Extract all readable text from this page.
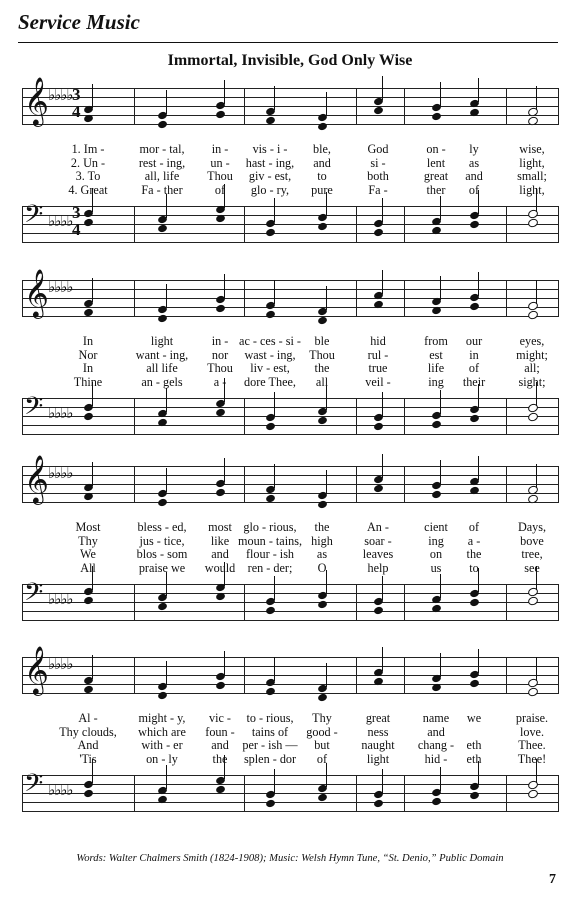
Service Music
Immortal, Invisible, God Only Wise
𝄞 ♭♭♭♭ 3
4
𝄢 ♭♭♭♭ 3
4
1. Im -	mor - tal, in - vis - i - ble,	God	on - ly	wise,
2. Un -	rest - ing, un - hast - ing, and	si -	lent as	light,
3. To	all, life Thou giv - est, to	both	great and	small;
4. Great	Fa - ther	of glo - ry, pure	Fa -	ther of	light,
𝄞 ♭♭♭♭
𝄢 ♭♭♭♭
In	light	in - ac - ces - si - ble	hid	from our	eyes,
Nor	want - ing, nor wast - ing, Thou	rul -	est in	might;
In	all life Thou liv - est, the	true	life of	all;
Thine	an - gels	a - dore Thee, all	veil -	ing their	sight;
𝄞 ♭♭♭♭
𝄢 ♭♭♭♭
Most	bless - ed, most glo - rious, the	An -	cient of	Days,
Thy	jus - tice, like moun - tains, high	soar -	ing a -	bove
We	blos - som and flour - ish as	leaves	on the	tree,
All	praise we would ren - der; O	help	us to	see
𝄞 ♭♭♭♭
𝄢 ♭♭♭♭
Al -	might - y, vic - to - rious, Thy	great	name we	praise.
Thy clouds, which are foun - tains of good - ness	and	love.
And	with - er and per - ish — but	naught chang - eth	Thee.
'Tis	on - ly	the splen - dor of	light	hid - eth	Thee!
Words: Walter Chalmers Smith (1824-1908); Music: Welsh Hymn Tune, “St. Denio,” Public Domain
7
